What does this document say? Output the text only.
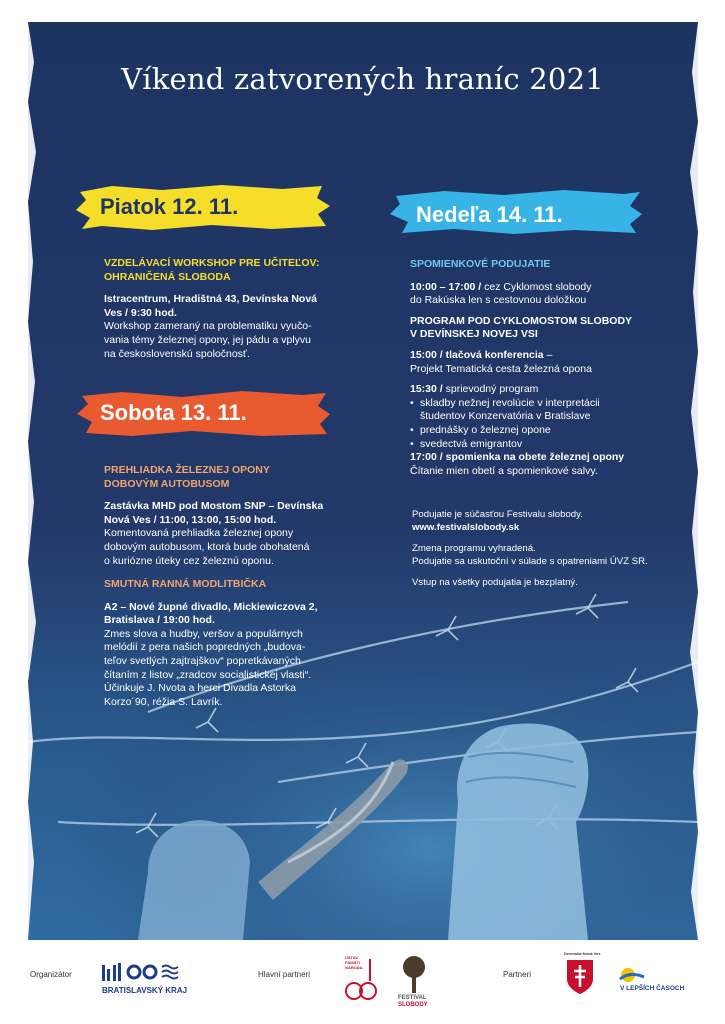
Víkend zatvorených hraníc 2021
Piatok 12. 11.
Sobota 13. 11.
Nedeľa 14. 11.

VZDELÁVACÍ WORKSHOP PRE UČITEĽOV:

OHRANIČENÁ SLOBODA

Istracentrum, Hradištná 43, Devínska Nová

Ves / 9:30 hod.

Workshop zameraný na problematiku vyučo-

vania témy železnej opony, jej pádu a vplyvu

na československú spoločnosť.

PREHLIADKA ŽELEZNEJ OPONY

DOBOVÝM AUTOBUSOM

Zastávka MHD pod Mostom SNP – Devínska

Nová Ves / 11:00, 13:00, 15:00 hod.

Komentovaná prehliadka železnej opony

dobovým autobusom, ktorá bude obohatená

o kuriózne úteky cez železnú oponu.

SMUTNÁ RANNÁ MODLITBIČKA

A2 – Nové župné divadlo, Mickiewiczova 2,

Bratislava / 19:00 hod.

Zmes slova a hudby, veršov a populárnych

melódií z pera našich popredných „budova-

teľov svetlých zajtrajškov“ popretkávaných

čítaním z listov „zradcov socialistickej vlasti“.

Účinkuje J. Nvota a herci Divadla Astorka

Korzo´90, réžia S. Lavrík.

SPOMIENKOVÉ PODUJATIE

10:00 – 17:00 / cez Cyklomost slobody

do Rakúska len s cestovnou doložkou

PROGRAM POD CYKLOMOSTOM SLOBODY

V DEVÍNSKEJ NOVEJ VSI

15:00 / tlačová konferencia –

Projekt Tematická cesta železná opona

15:30 / sprievodný program

• skladby nežnej revolúcie v interpretácii
študentov Konzervatória v Bratislave
• prednášky o železnej opone
• svedectvá emigrantov

17:00 / spomienka na obete železnej opony

Čítanie mien obetí a spomienkové salvy.

Podujatie je súčasťou Festivalu slobody.

www.festivalslobody.sk

Zmena programu vyhradená.

Podujatie sa uskutoční v súlade s opatreniami ÚVZ SR.

Vstup na všetky podujatia je bezplatný.

Organizátor
BRATISLAVSKÝ KRAJ
Hlavní partneri
ÚSTAV PAMÄTI NÁRODA
FESTIVAL
SLOBODY
Partneri
Devínska Nová Ves
V LEPŠÍCH ČASOCH
